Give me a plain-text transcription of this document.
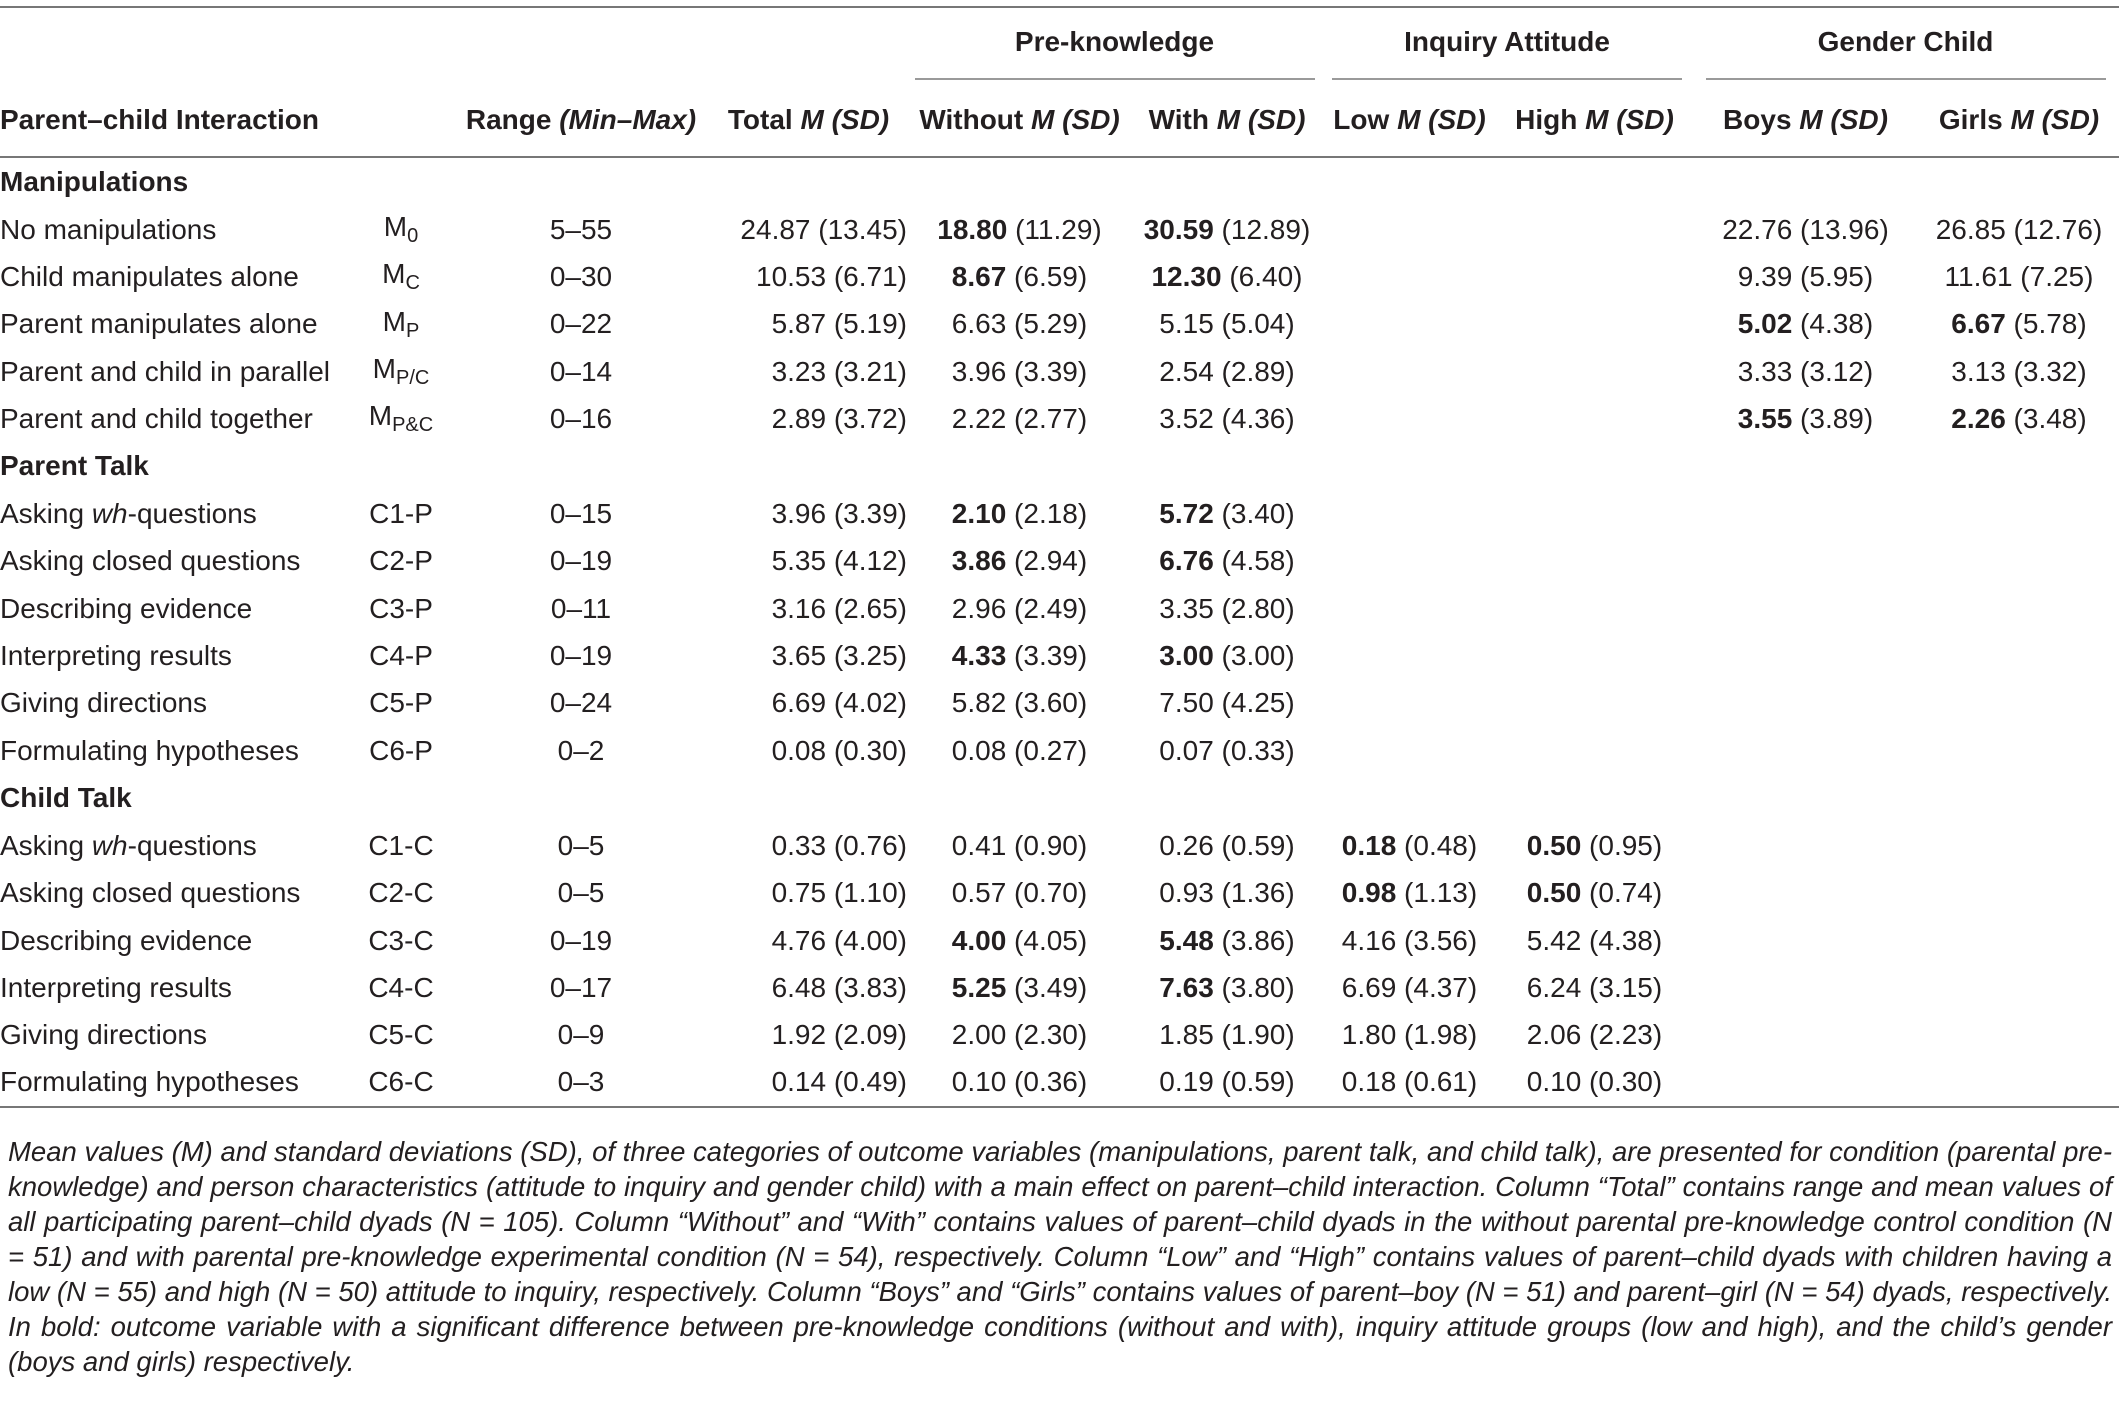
				Pre-knowledge		Inquiry Attitude		Gender Child	
Parent–child Interaction		Range (Min–Max)	Total M (SD)	Without M (SD)	With M (SD)	Low M (SD)	High M (SD)	Boys M (SD)	Girls M (SD)
Manipulations									
No manipulations	$M_0$	5–55	24.87 (13.45)	18.80 (11.29)	30.59 (12.89)			22.76 (13.96)	26.85 (12.76)
Child manipulates alone	$M_C$	0–30	10.53 (6.71)	8.67 (6.59)	12.30 (6.40)			9.39 (5.95)	11.61 (7.25)
Parent manipulates alone	$M_P$	0–22	5.87 (5.19)	6.63 (5.29)	5.15 (5.04)			5.02 (4.38)	6.67 (5.78)
Parent and child in parallel	$M_{P/C}$	0–14	3.23 (3.21)	3.96 (3.39)	2.54 (2.89)			3.33 (3.12)	3.13 (3.32)
Parent and child together	$M_{P\&C}$	0–16	2.89 (3.72)	2.22 (2.77)	3.52 (4.36)			3.55 (3.89)	2.26 (3.48)
Parent Talk									
Asking wh-questions	C1-P	0–15	3.96 (3.39)	2.10 (2.18)	5.72 (3.40)				
Asking closed questions	C2-P	0–19	5.35 (4.12)	3.86 (2.94)	6.76 (4.58)				
Describing evidence	C3-P	0–11	3.16 (2.65)	2.96 (2.49)	3.35 (2.80)				
Interpreting results	C4-P	0–19	3.65 (3.25)	4.33 (3.39)	3.00 (3.00)				
Giving directions	C5-P	0–24	6.69 (4.02)	5.82 (3.60)	7.50 (4.25)				
Formulating hypotheses	C6-P	0–2	0.08 (0.30)	0.08 (0.27)	0.07 (0.33)				
Child Talk									
Asking wh-questions	C1-C	0–5	0.33 (0.76)	0.41 (0.90)	0.26 (0.59)	0.18 (0.48)	0.50 (0.95)		
Asking closed questions	C2-C	0–5	0.75 (1.10)	0.57 (0.70)	0.93 (1.36)	0.98 (1.13)	0.50 (0.74)		
Describing evidence	C3-C	0–19	4.76 (4.00)	4.00 (4.05)	5.48 (3.86)	4.16 (3.56)	5.42 (4.38)		
Interpreting results	C4-C	0–17	6.48 (3.83)	5.25 (3.49)	7.63 (3.80)	6.69 (4.37)	6.24 (3.15)		
Giving directions	C5-C	0–9	1.92 (2.09)	2.00 (2.30)	1.85 (1.90)	1.80 (1.98)	2.06 (2.23)		
Formulating hypotheses	C6-C	0–3	0.14 (0.49)	0.10 (0.36)	0.19 (0.59)	0.18 (0.61)	0.10 (0.30)		

Mean values (M) and standard deviations (SD), of three categories of outcome variables (manipulations, parent talk, and child talk), are presented for condition (parental pre-knowledge) and person characteristics (attitude to inquiry and gender child) with a main effect on parent–child interaction. Column “Total” contains range and mean values of all participating parent–child dyads (N = 105). Column “Without” and “With” contains values of parent–child dyads in the without parental pre-knowledge control condition (N = 51) and with parental pre-knowledge experimental condition (N = 54), respectively. Column “Low” and “High” contains values of parent–child dyads with children having a low (N = 55) and high (N = 50) attitude to inquiry, respectively. Column “Boys” and “Girls” contains values of parent–boy (N = 51) and parent–girl (N = 54) dyads, respectively. In bold: outcome variable with a significant difference between pre-knowledge conditions (without and with), inquiry attitude groups (low and high), and the child’s gender (boys and girls) respectively.
